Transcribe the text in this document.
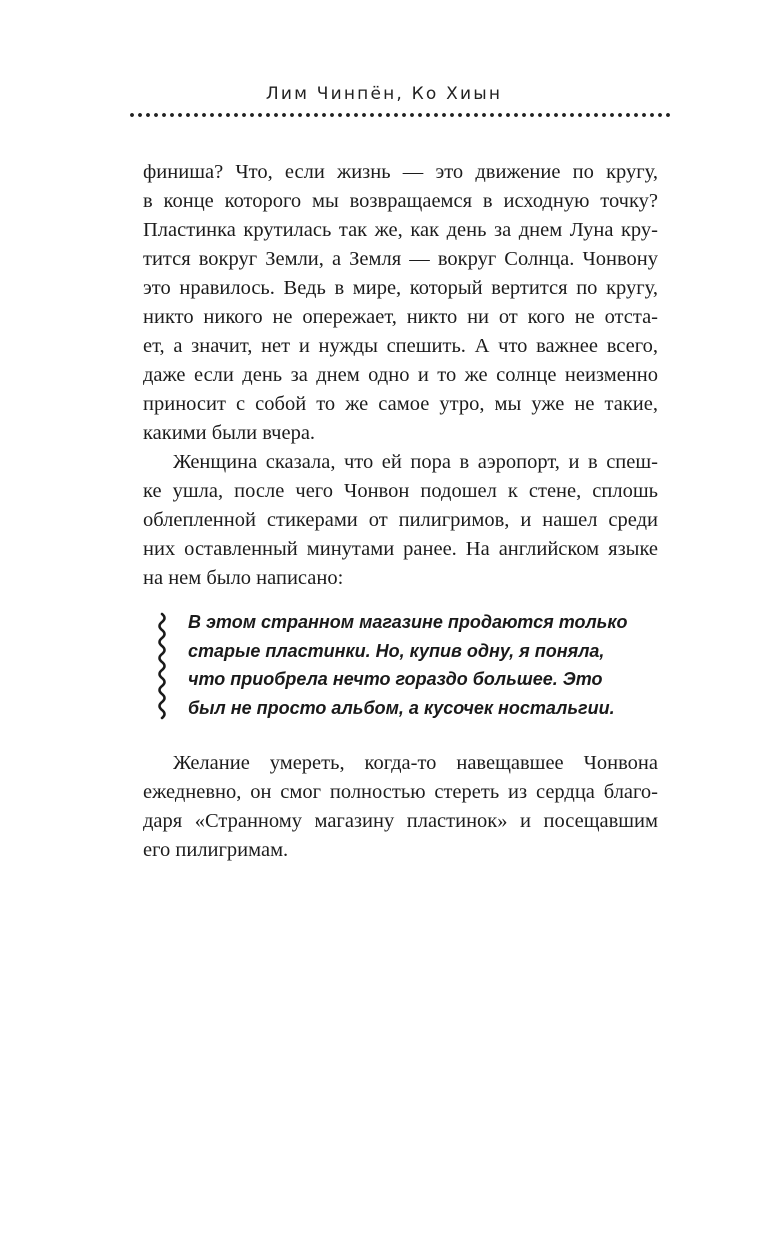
Лим Чинпён, Ко Хиын
финиша? Что, если жизнь — это движение по кругу,
в конце которого мы возвращаемся в исходную точку?
Пластинка крутилась так же, как день за днем Луна кру-
тится вокруг Земли, а Земля — вокруг Солнца. Чонвону
это нравилось. Ведь в мире, который вертится по кругу,
никто никого не опережает, никто ни от кого не отста-
ет, а значит, нет и нужды спешить. А что важнее всего,
даже если день за днем одно и то же солнце неизменно
приносит с собой то же самое утро, мы уже не такие,
какими были вчера.
Женщина сказала, что ей пора в аэропорт, и в спеш-
ке ушла, после чего Чонвон подошел к стене, сплошь
облепленной стикерами от пилигримов, и нашел среди
них оставленный минутами ранее. На английском языке
на нем было написано:
В этом странном магазине продаются только
старые пластинки. Но, купив одну, я поняла,
что приобрела нечто гораздо большее. Это
был не просто альбом, а кусочек ностальгии.
Желание умереть, когда-то навещавшее Чонвона
ежедневно, он смог полностью стереть из сердца благо-
даря «Странному магазину пластинок» и посещавшим
его пилигримам.
